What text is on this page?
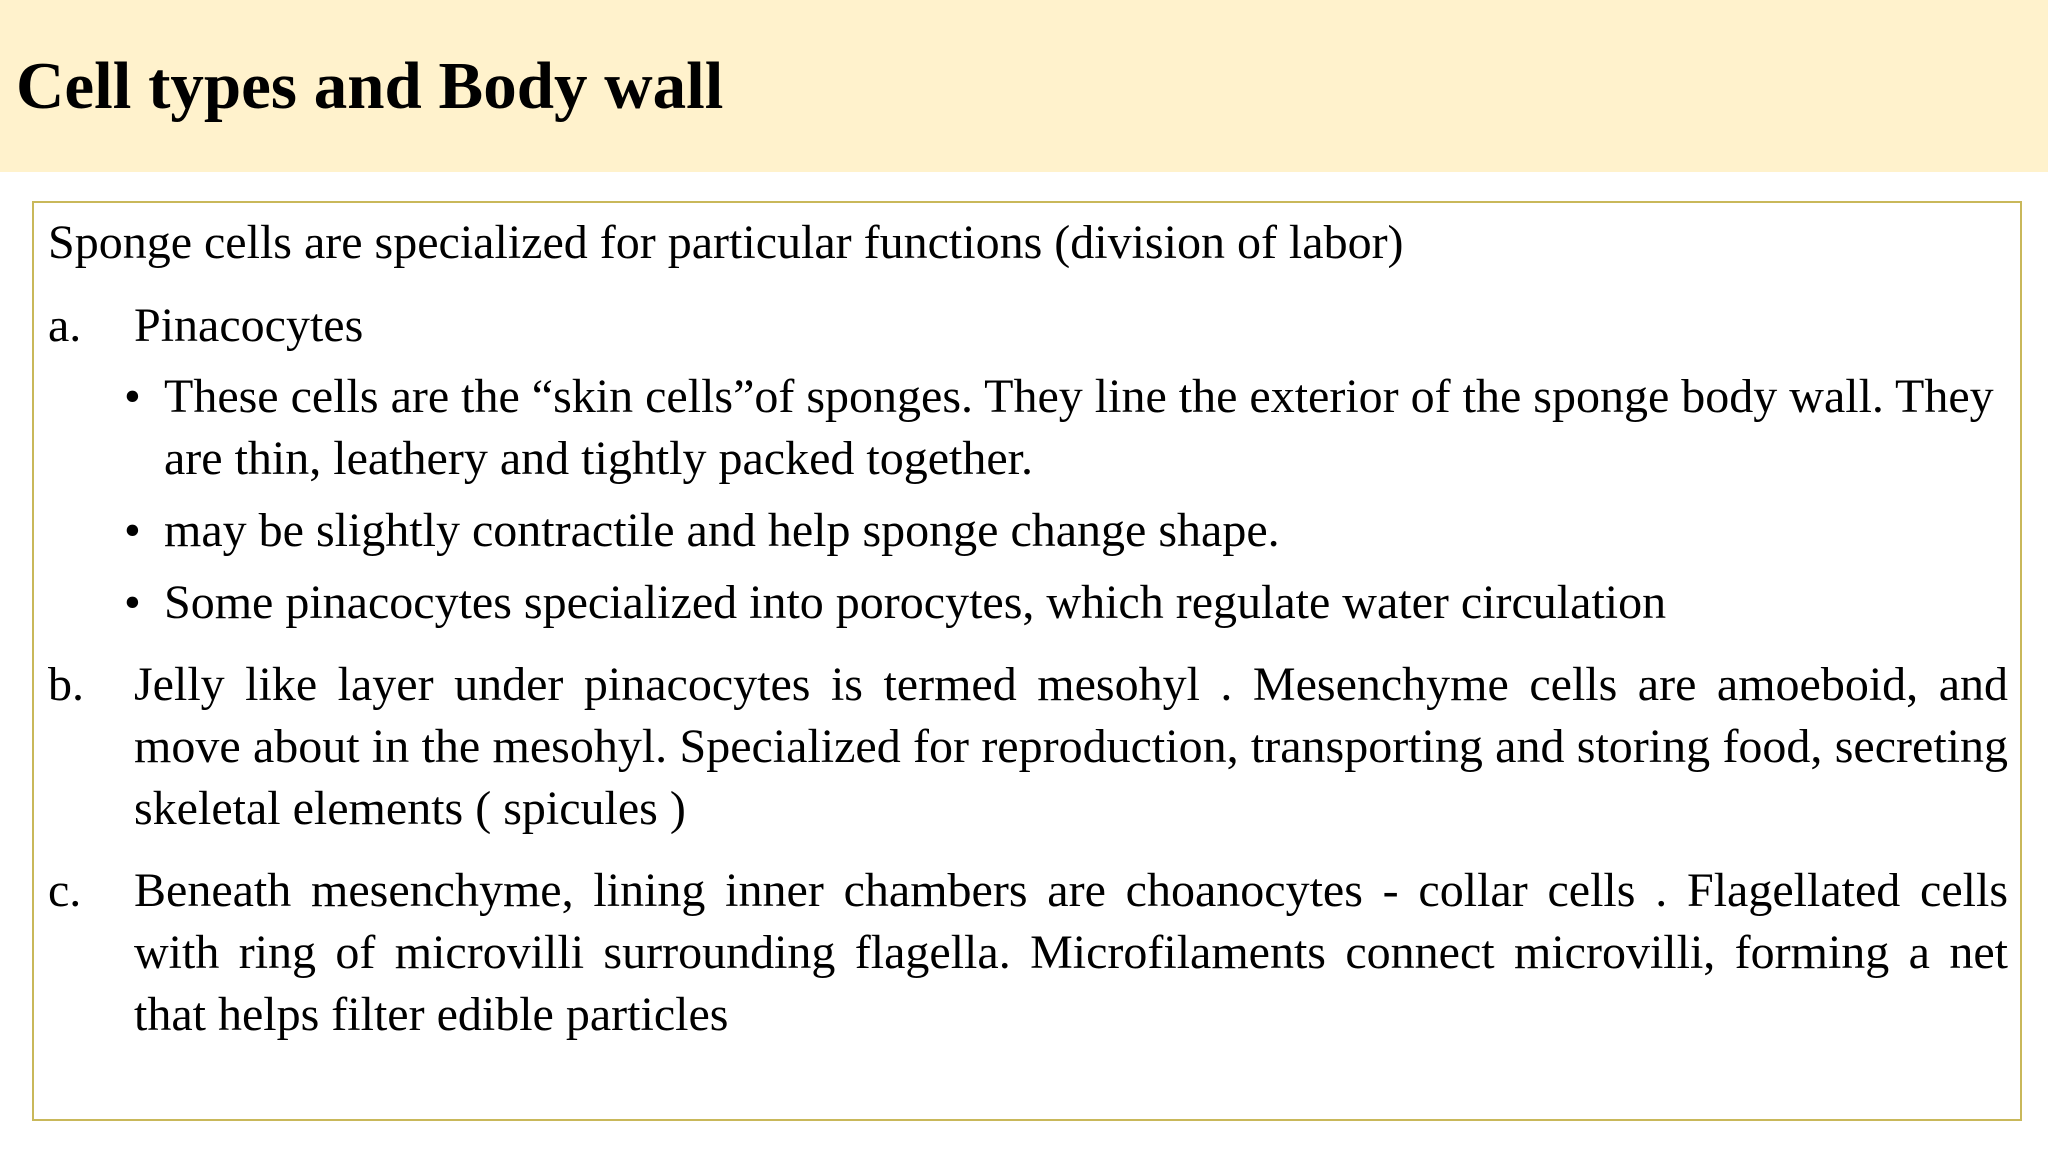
Cell types and Body wall

Sponge cells are specialized for particular functions (division of labor)

a. Pinacocytes

• These cells are the “skin cells”of sponges. They line the exterior of the sponge body wall. They are thin, leathery and tightly packed together.

• may be slightly contractile and help sponge change shape.

• Some pinacocytes specialized into porocytes, which regulate water circulation

b. Jelly like layer under pinacocytes is termed mesohyl . Mesenchyme cells are amoeboid, and move about in the mesohyl. Specialized for reproduction, transporting and storing food, secreting skeletal elements ( spicules )

c. Beneath mesenchyme, lining inner chambers are choanocytes - collar cells . Flagellated cells with ring of microvilli surrounding flagella. Microfilaments connect microvilli, forming a net that helps filter edible particles
